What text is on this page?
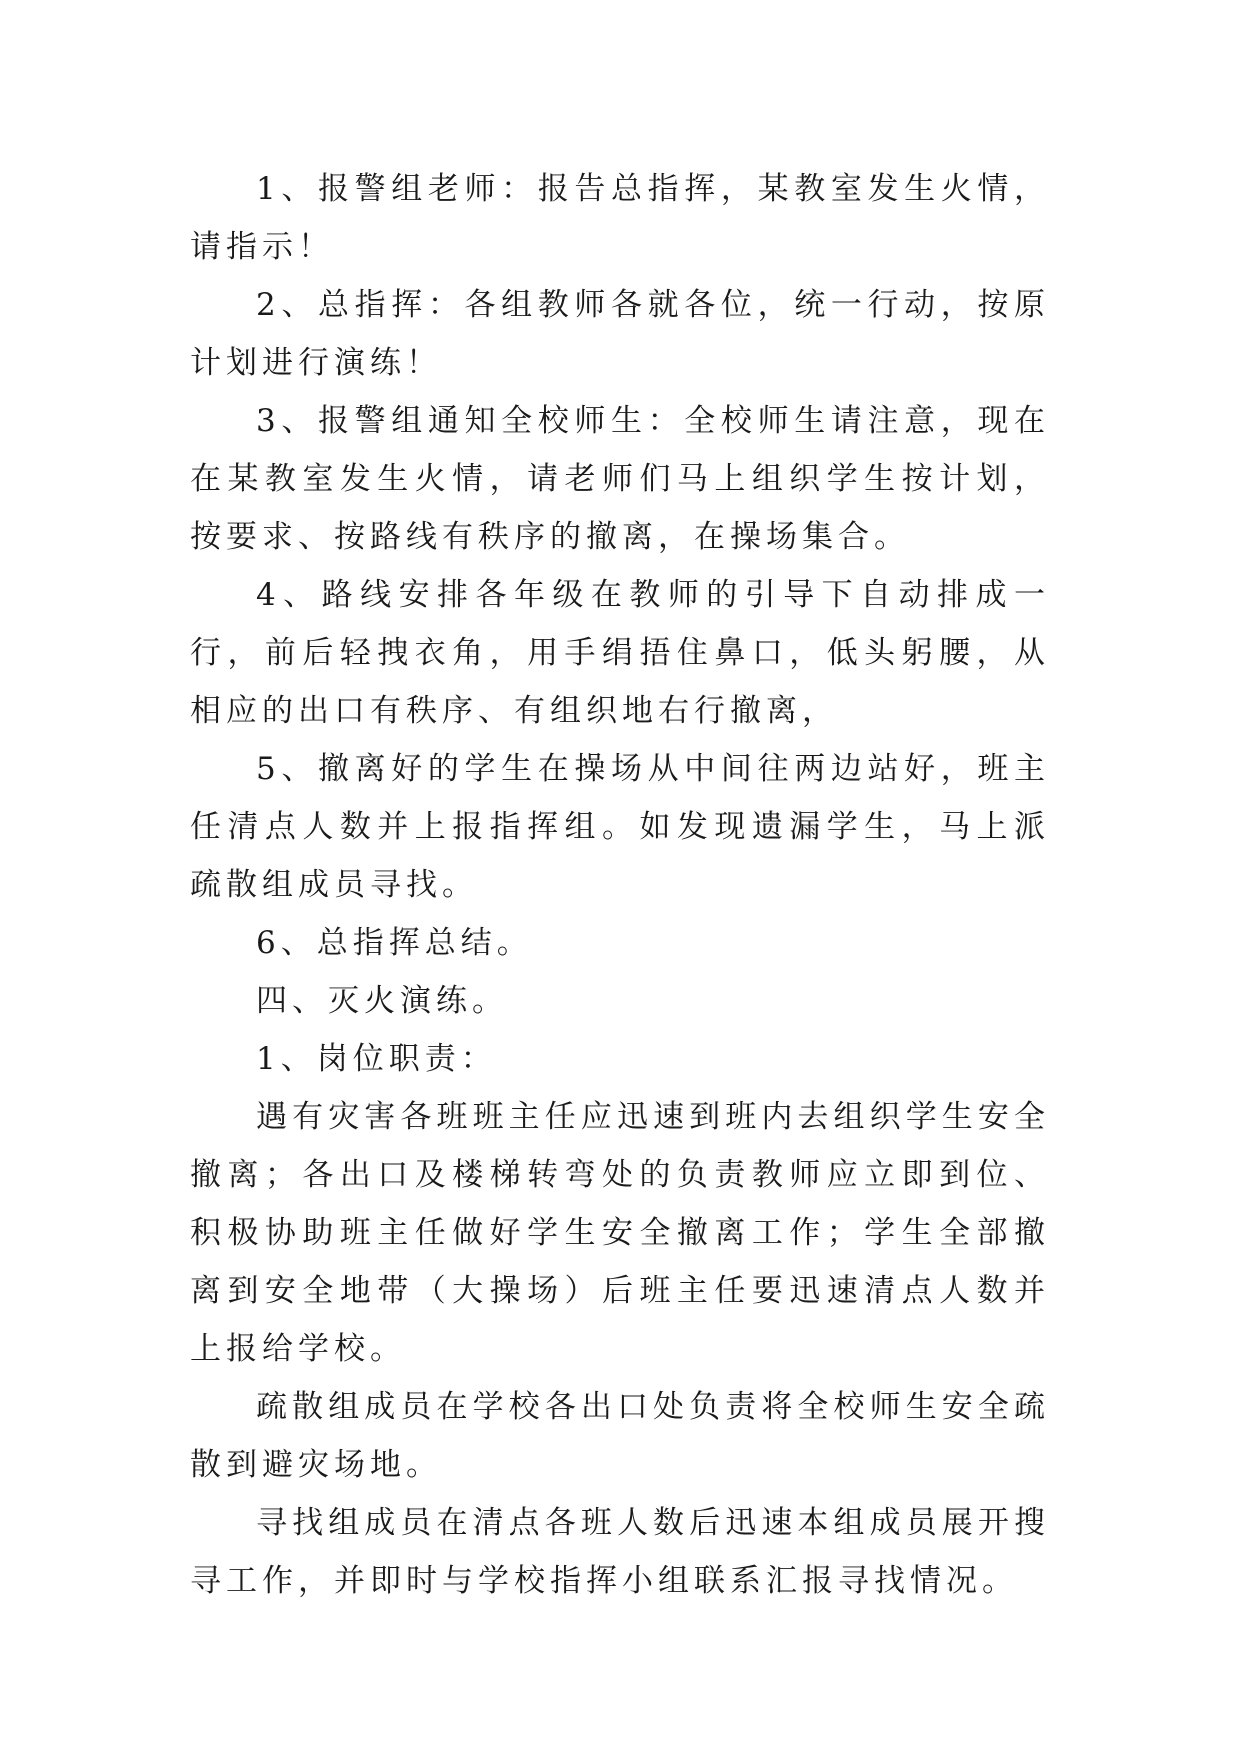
1、报警组老师：报告总指挥，某教室发生火情，请指示！

2、总指挥：各组教师各就各位，统一行动，按原计划进行演练！

3、报警组通知全校师生：全校师生请注意，现在在某教室发生火情，请老师们马上组织学生按计划，按要求、按路线有秩序的撤离，在操场集合。

4、路线安排各年级在教师的引导下自动排成一行，前后轻拽衣角，用手绢捂住鼻口，低头躬腰，从相应的出口有秩序、有组织地右行撤离，

5、撤离好的学生在操场从中间往两边站好，班主任清点人数并上报指挥组。如发现遗漏学生，马上派疏散组成员寻找。

6、总指挥总结。

四、灭火演练。

1、岗位职责：

遇有灾害各班班主任应迅速到班内去组织学生安全撤离；各出口及楼梯转弯处的负责教师应立即到位、积极协助班主任做好学生安全撤离工作；学生全部撤离到安全地带（大操场）后班主任要迅速清点人数并上报给学校。

疏散组成员在学校各出口处负责将全校师生安全疏散到避灾场地。

寻找组成员在清点各班人数后迅速本组成员展开搜寻工作，并即时与学校指挥小组联系汇报寻找情况。
